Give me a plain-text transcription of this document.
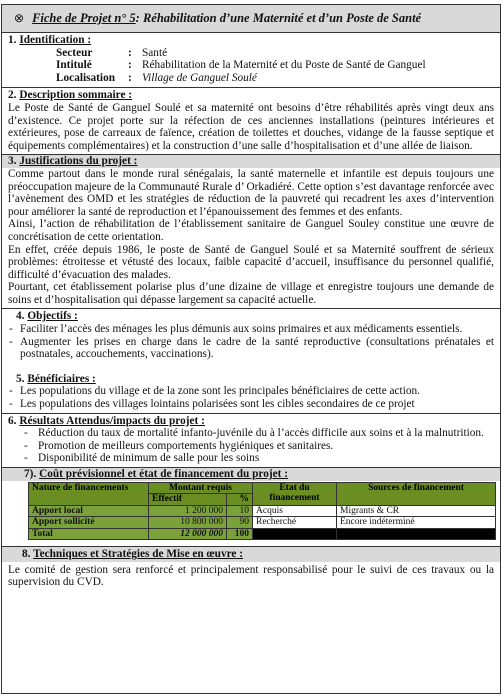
⊗ Fiche de Projet n° 5 : Réhabilitation d’une Maternité et d’un Poste de Santé
1. Identification :
Secteur	: Santé
Intitulé	: Réhabilitation de la Maternité et du Poste de Santé de Ganguel
Localisation	: Village de Ganguel Soulé
2. Description sommaire :
Le Poste de Santé de Ganguel Soulé et sa maternité ont besoins d’être réhabilités après vingt deux ans d’existence. Ce projet porte sur la réfection de ces anciennes installations (peintures intérieures et extérieures, pose de carreaux de faïence, création de toilettes et douches, vidange de la fausse septique et équipements complémentaires) et la construction d’une salle d’hospitalisation et d’une allée de liaison.
3. Justifications du projet :
Comme partout dans le monde rural sénégalais, la santé maternelle et infantile est depuis toujours une préoccupation majeure de la Communauté Rurale d’ Orkadiéré. Cette option s’est davantage renforcée avec l’avènement des OMD et les stratégies de réduction de la pauvreté qui recadrent les axes d’intervention pour améliorer la santé de reproduction et l’épanouissement des femmes et des enfants.
Ainsi, l’action de réhabilitation de l’établissement sanitaire de Ganguel Souley constitue une œuvre de concrétisation de cette orientation.
En effet, créée depuis 1986, le poste de Santé de Ganguel Soulé et sa Maternité souffrent de sérieux problèmes: étroitesse et vétusté des locaux, faible capacité d’accueil, insuffisance du personnel qualifié, difficulté d’évacuation des malades.
Pourtant, cet établissement polarise plus d’une dizaine de village et enregistre toujours une demande de soins et d’hospitalisation qui dépasse largement sa capacité actuelle.
4. Objectifs :
- Faciliter l’accès des ménages les plus démunis aux soins primaires et aux médicaments essentiels.
- Augmenter les prises en charge dans le cadre de la santé reproductive (consultations prénatales et postnatales, accouchements, vaccinations).
5. Bénéficiaires :
- Les populations du village et de la zone sont les principales bénéficiaires de cette action.
- Les populations des villages lointains polarisées sont les cibles secondaires de ce projet
6. Résultats Attendus/impacts du projet :
- Réduction du taux de mortalité infanto-juvénile du à l’accès difficile aux soins et à la malnutrition.
- Promotion de meilleurs comportements hygiéniques et sanitaires.
- Disponibilité de minimum de salle pour les soins
7). Coût prévisionnel et état de financement du projet :
Nature de financements	Montant requis		Etat du financement	Sources de financement
	Effectif	%		
Apport local	1 200 000	10	Acquis	Migrants & CR
Apport sollicité	10 800 000	90	Recherché	Encore indéterminé
Total	12 000 000	100		
8. Techniques et Stratégies de Mise en œuvre :
Le comité de gestion sera renforcé et principalement responsabilisé pour le suivi de ces travaux ou la supervision du CVD.
